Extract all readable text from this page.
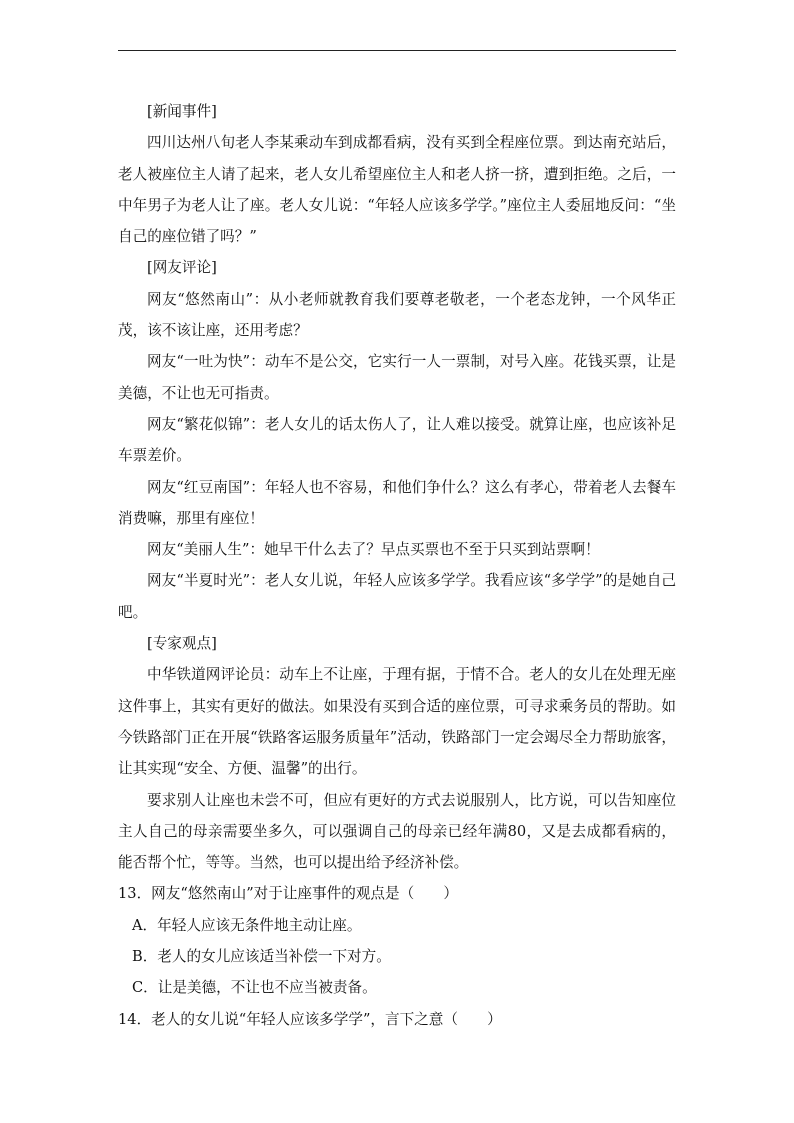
[新闻事件]

四川达州八旬老人李某乘动车到成都看病，没有买到全程座位票。到达南充站后，老人被座位主人请了起来，老人女儿希望座位主人和老人挤一挤，遭到拒绝。之后，一中年男子为老人让了座。老人女儿说：“年轻人应该多学学。”座位主人委屈地反问：“坐自己的座位错了吗？”

[网友评论]

网友“悠然南山”：从小老师就教育我们要尊老敬老，一个老态龙钟，一个风华正茂，该不该让座，还用考虑？

网友“一吐为快”：动车不是公交，它实行一人一票制，对号入座。花钱买票，让是美德，不让也无可指责。

网友“繁花似锦”：老人女儿的话太伤人了，让人难以接受。就算让座，也应该补足车票差价。

网友“红豆南国”：年轻人也不容易，和他们争什么？这么有孝心，带着老人去餐车消费嘛，那里有座位！

网友“美丽人生”：她早干什么去了？早点买票也不至于只买到站票啊！

网友“半夏时光”：老人女儿说，年轻人应该多学学。我看应该“多学学”的是她自己吧。

[专家观点]

中华铁道网评论员：动车上不让座，于理有据，于情不合。老人的女儿在处理无座这件事上，其实有更好的做法。如果没有买到合适的座位票，可寻求乘务员的帮助。如今铁路部门正在开展“铁路客运服务质量年”活动，铁路部门一定会竭尽全力帮助旅客，让其实现“安全、方便、温馨”的出行。

要求别人让座也未尝不可，但应有更好的方式去说服别人，比方说，可以告知座位主人自己的母亲需要坐多久，可以强调自己的母亲已经年满80，又是去成都看病的，能否帮个忙，等等。当然，也可以提出给予经济补偿。

13．网友“悠然南山”对于让座事件的观点是（　　）

A．年轻人应该无条件地主动让座。

B．老人的女儿应该适当补偿一下对方。

C．让是美德，不让也不应当被责备。

14．老人的女儿说“年轻人应该多学学”，言下之意（　　）
